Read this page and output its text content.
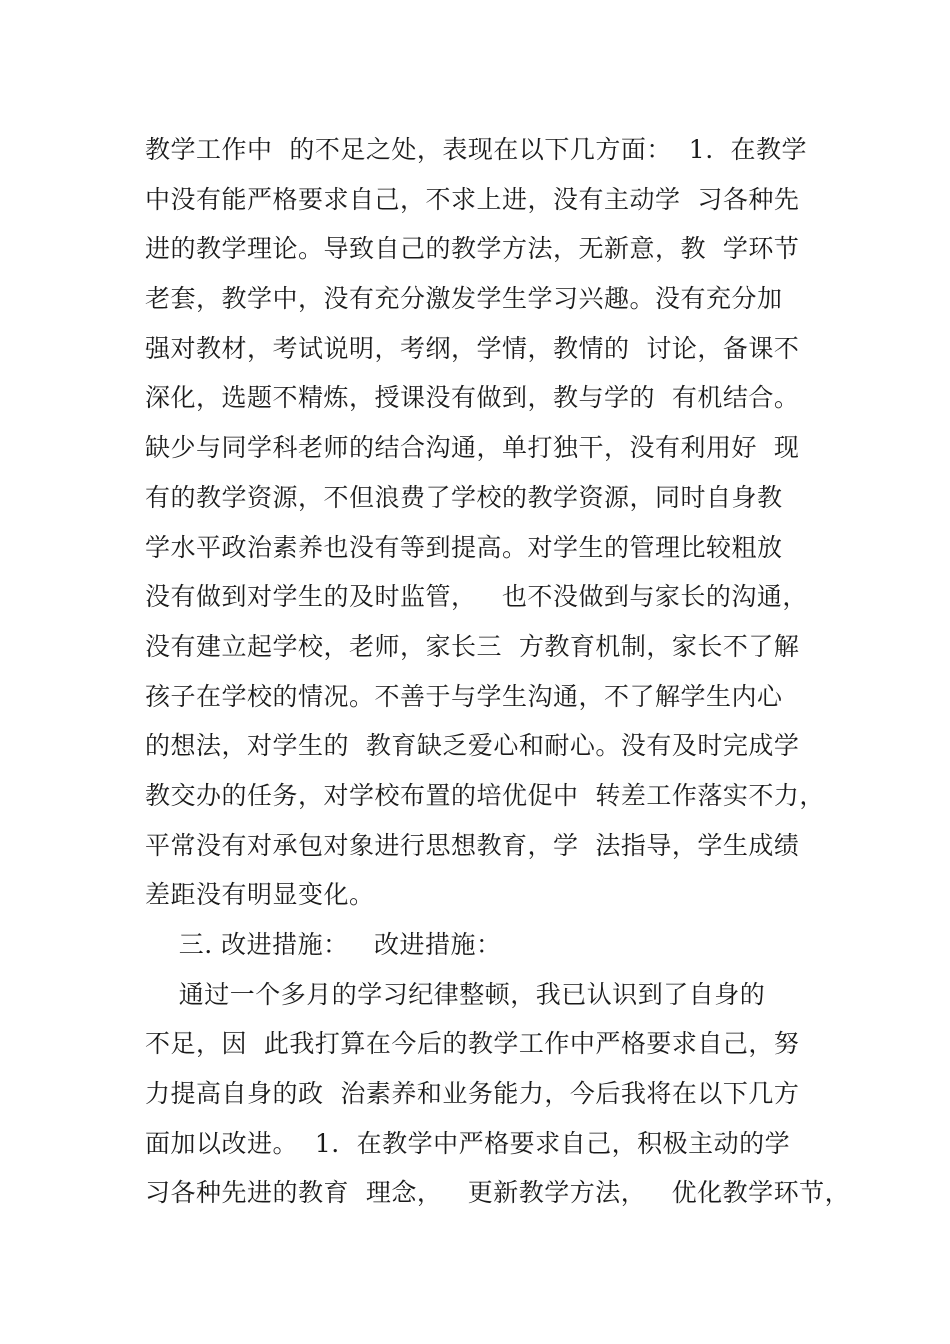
教学工作中  的不足之处，表现在以下几方面：  1.  在教学
中没有能严格要求自己，不求上进，没有主动学  习各种先
进的教学理论。导致自己的教学方法，无新意，教  学环节
老套，教学中，没有充分激发学生学习兴趣。没有充分加
强对教材，考试说明，考纲，学情，教情的  讨论，备课不
深化，选题不精炼，授课没有做到，教与学的  有机结合。
缺少与同学科老师的结合沟通，单打独干，没有利用好  现
有的教学资源，不但浪费了学校的教学资源，同时自身教
学水平政治素养也没有等到提高。对学生的管理比较粗放
没有做到对学生的及时监管，   也不没做到与家长的沟通，
没有建立起学校，老师，家长三  方教育机制，家长不了解
孩子在学校的情况。不善于与学生沟通，不了解学生内心
的想法，对学生的  教育缺乏爱心和耐心。没有及时完成学
教交办的任务，对学校布置的培优促中  转差工作落实不力，
平常没有对承包对象进行思想教育，学  法指导，学生成绩
差距没有明显变化。
三. 改进措施：   改进措施：
通过一个多月的学习纪律整顿，我已认识到了自身的
不足，因  此我打算在今后的教学工作中严格要求自己，努
力提高自身的政  治素养和业务能力，今后我将在以下几方
面加以改进。  1.  在教学中严格要求自己，积极主动的学
习各种先进的教育  理念，   更新教学方法，   优化教学环节，
